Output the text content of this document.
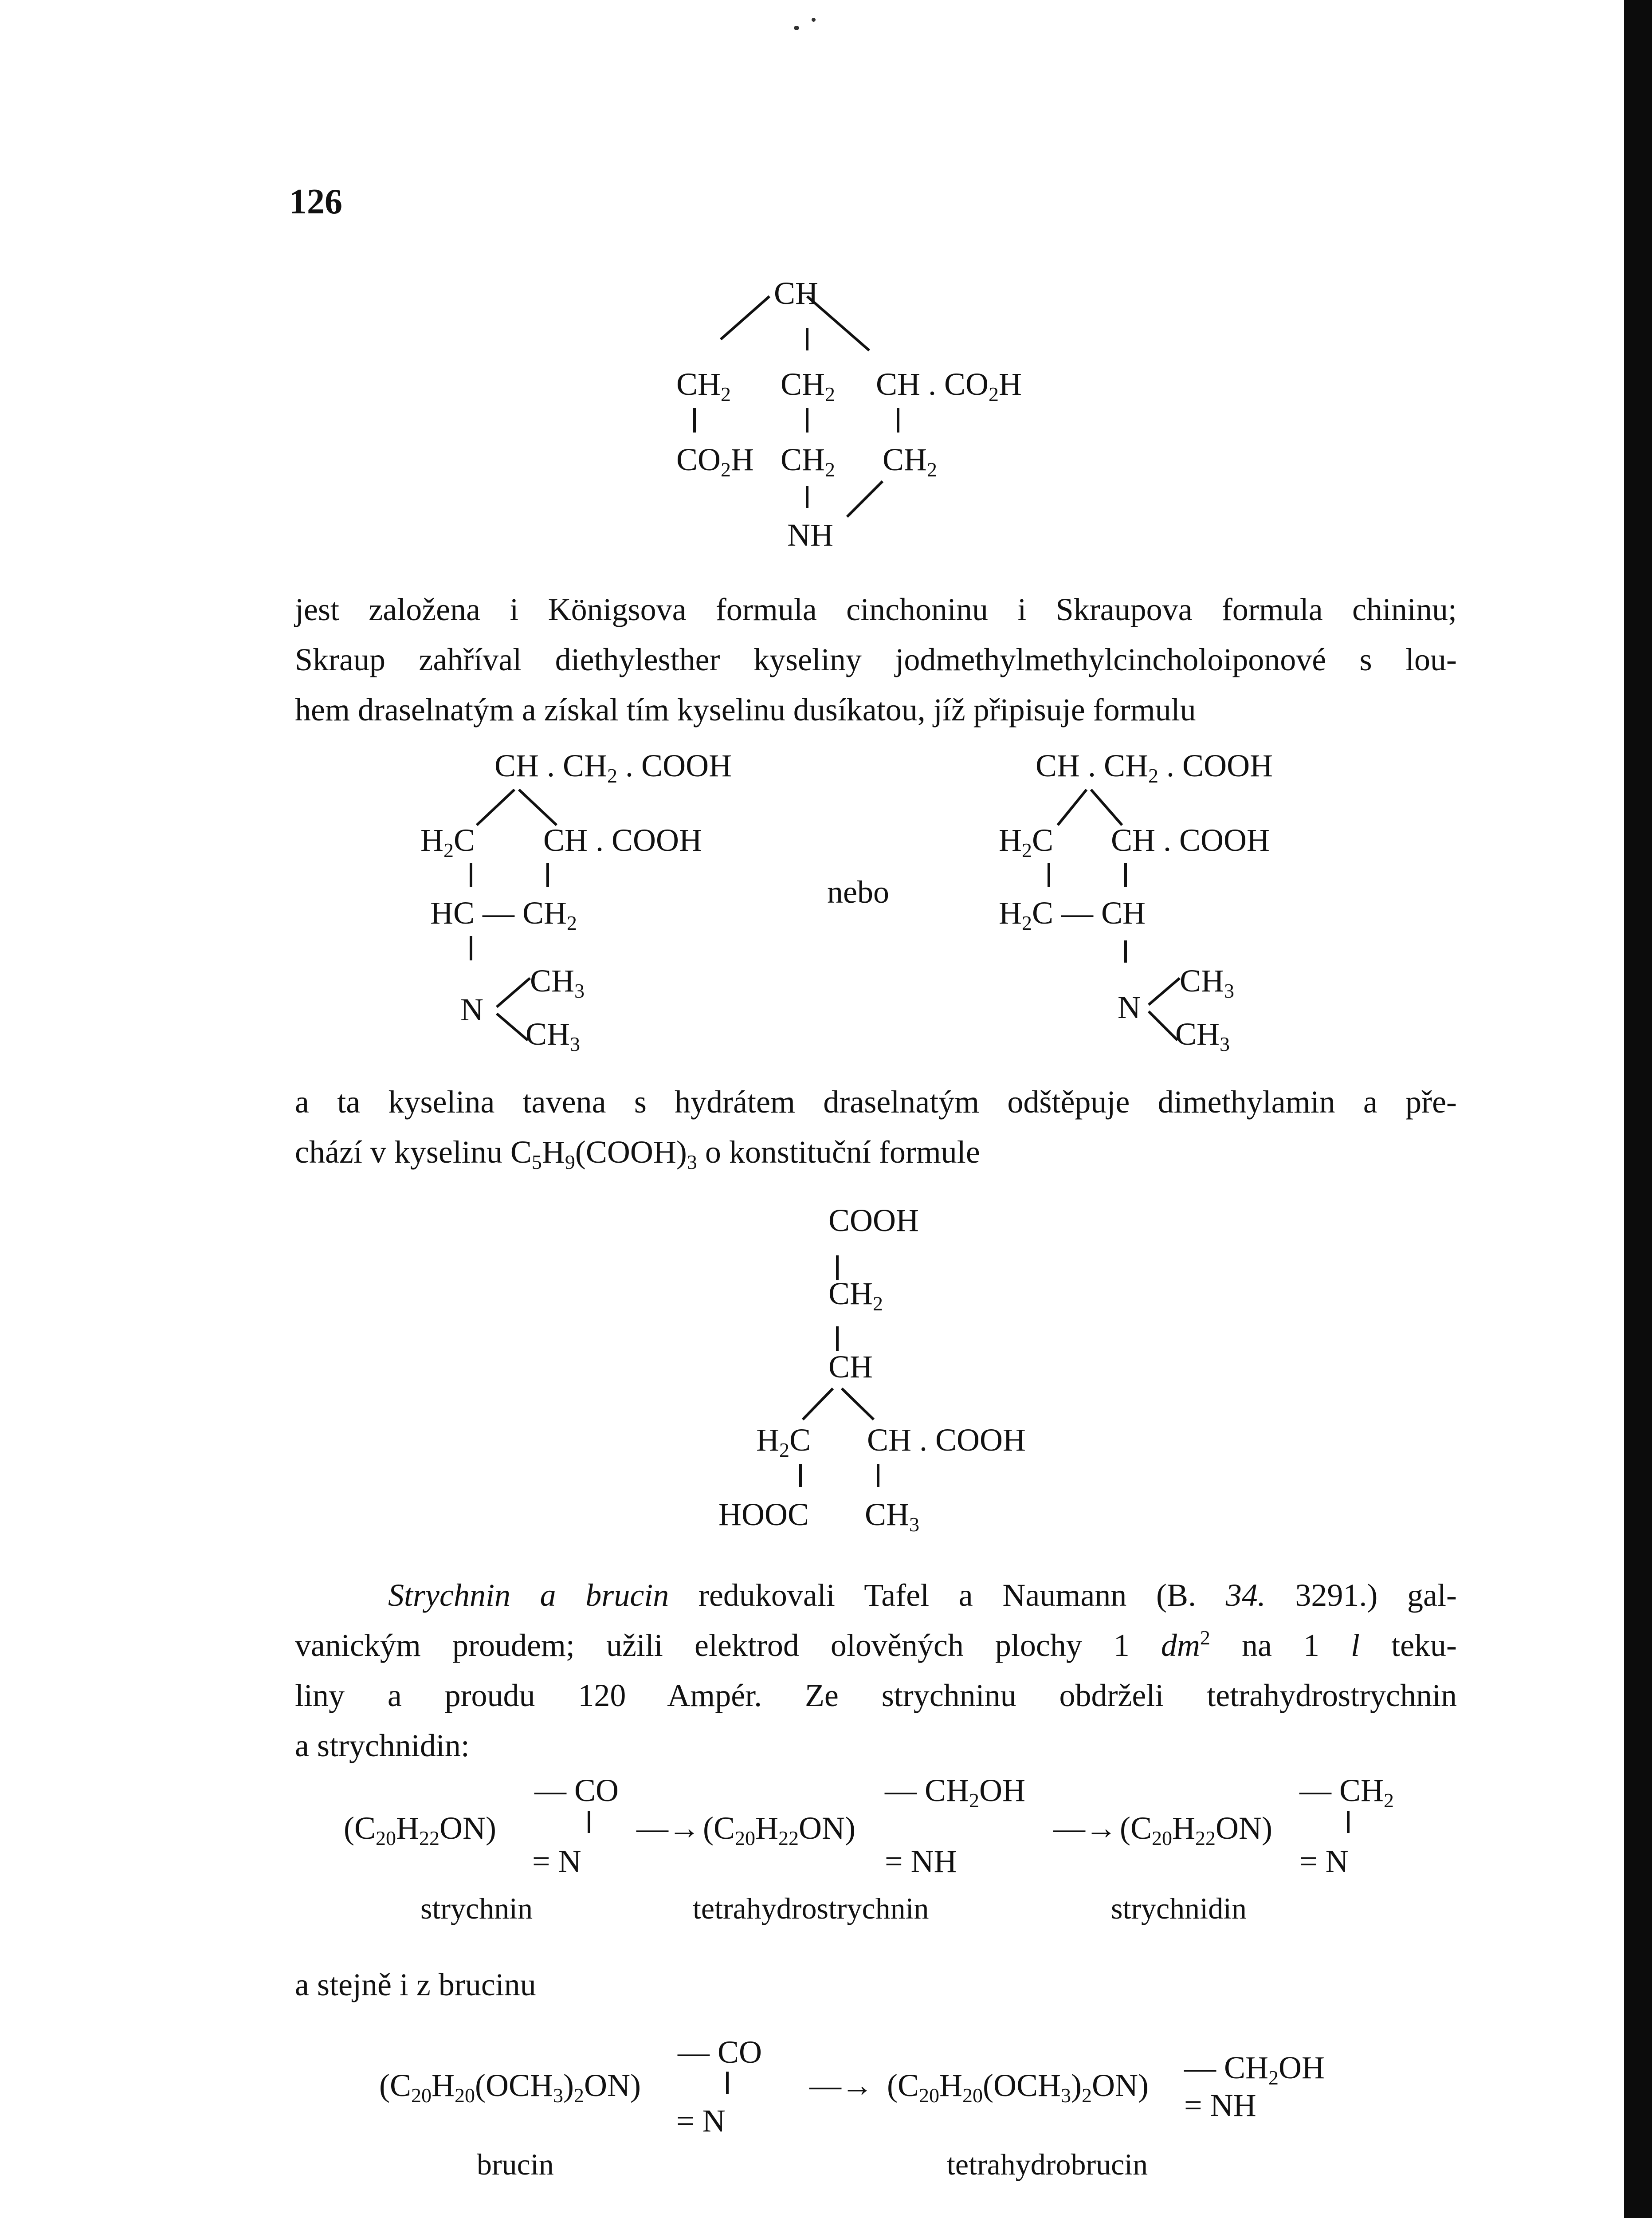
126
CH
$CH_2$ $CH_2$ CH . $CO_2H$
$CO_2H$ $CH_2$ $CH_2$
NH
jest založena i Königsova formula cinchoninu i Skraupova formula chininu;
Skraup zahříval diethylesther kyseliny jodmethylmethylcincholoiponové s lou-
hem draselnatým a získal tím kyselinu dusíkatou, jíž připisuje formulu
CH . $CH_2$ . COOH
$H_2C$ CH . COOH
HC — $CH_2$
N
$CH_3$
$CH_3$
nebo
CH . $CH_2$ . COOH
$H_2C$ CH . COOH
$H_2C$ — CH
N
$CH_3$
$CH_3$
a ta kyselina tavena s hydrátem draselnatým odštěpuje dimethylamin a pře-
chází v kyselinu $C_5H_9(COOH)_3$ o konstituční formule
COOH
$CH_2$
CH
$H_2C$ CH . COOH
HOOC $CH_3$
Strychnin a brucin redukovali Tafel a Naumann (B. 34. 3291.) gal-
vanickým proudem; užili elektrod olověných plochy 1 $dm^2$ na 1 l teku-
liny a proudu 120 Ampér. Ze strychninu obdrželi tetrahydrostrychnin
a strychnidin:
— CO
$(C_{20}H_{22}ON)$
= N
—→
— $CH_2OH$
$(C_{20}H_{22}ON)$
= NH
—→
— $CH_2$
$(C_{20}H_{22}ON)$
= N
strychnin	tetrahydrostrychnin	strychnidin
a stejně i z brucinu
— CO
$(C_{20}H_{20}(OCH_3)_2ON)$
= N
—→ $(C_{20}H_{20}(OCH_3)_2ON)$ — $CH_2OH$
= NH
brucin	tetrahydrobrucin
